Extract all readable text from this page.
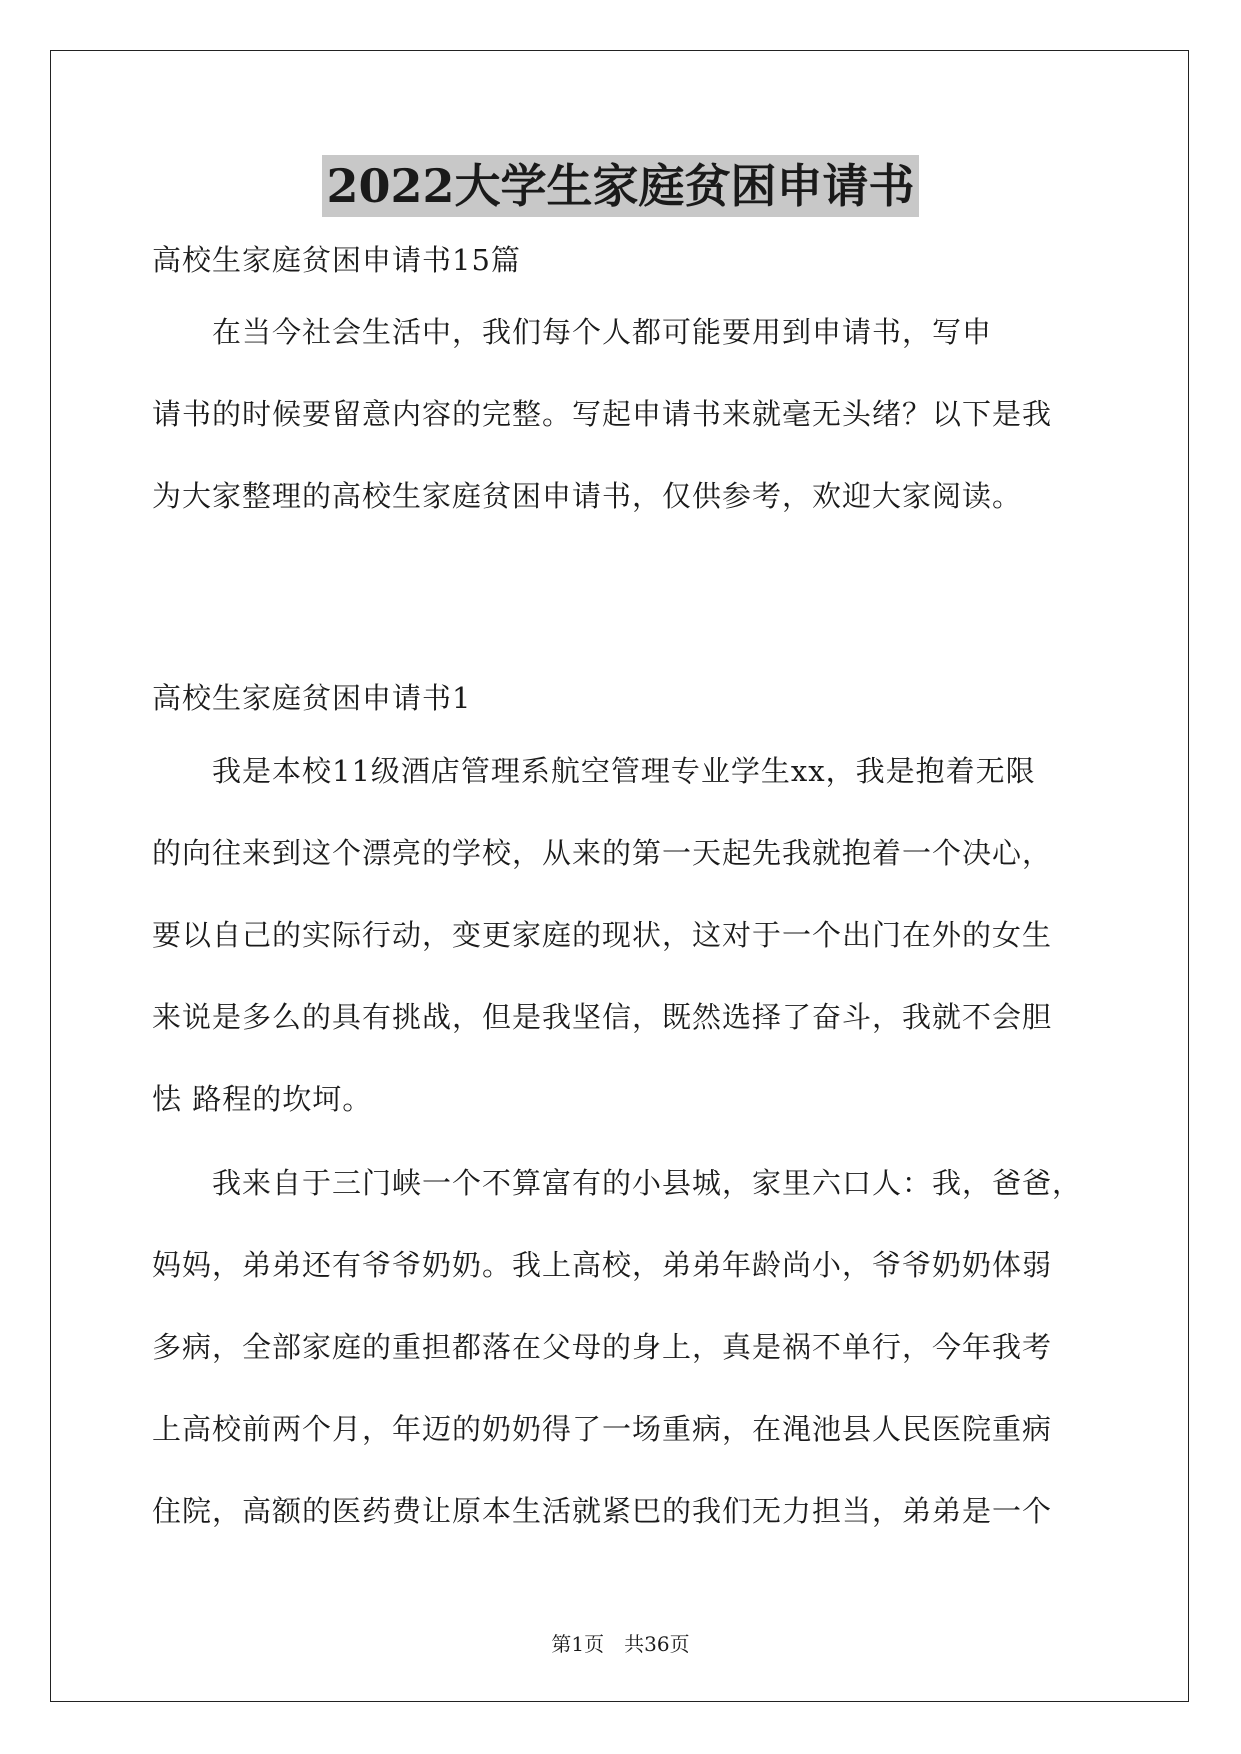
2022大学生家庭贫困申请书
高校生家庭贫困申请书15篇
　　在当今社会生活中，我们每个人都可能要用到申请书，写申
请书的时候要留意内容的完整。写起申请书来就毫无头绪？以下是我
为大家整理的高校生家庭贫困申请书，仅供参考，欢迎大家阅读。
高校生家庭贫困申请书1
　　我是本校11级酒店管理系航空管理专业学生xx，我是抱着无限
的向往来到这个漂亮的学校，从来的第一天起先我就抱着一个决心，
要以自己的实际行动，变更家庭的现状，这对于一个出门在外的女生
来说是多么的具有挑战，但是我坚信，既然选择了奋斗，我就不会胆
怯 路程的坎坷。
　　我来自于三门峡一个不算富有的小县城，家里六口人：我，爸爸，
妈妈，弟弟还有爷爷奶奶。我上高校，弟弟年龄尚小，爷爷奶奶体弱
多病，全部家庭的重担都落在父母的身上，真是祸不单行，今年我考
上高校前两个月，年迈的奶奶得了一场重病，在渑池县人民医院重病
住院，高额的医药费让原本生活就紧巴的我们无力担当，弟弟是一个
第1页　共36页
